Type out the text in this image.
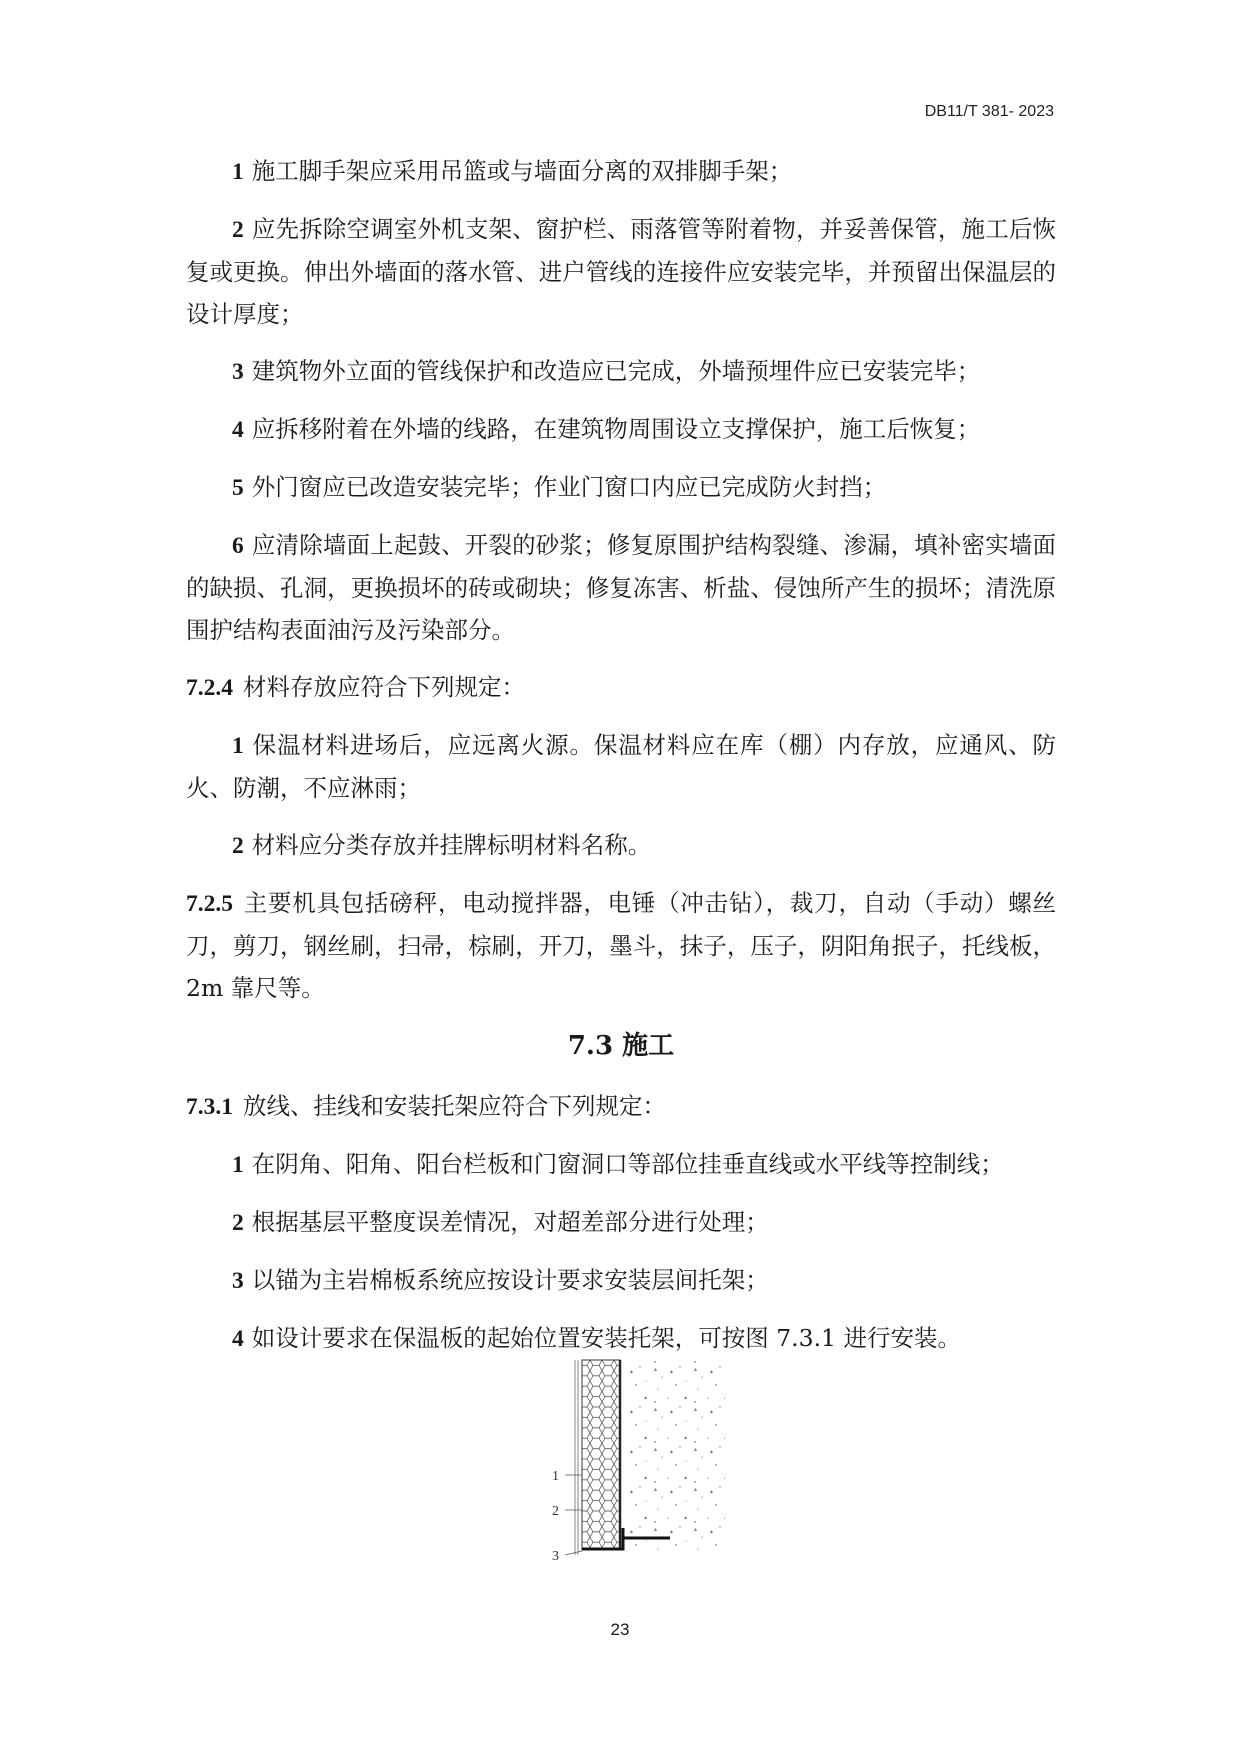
DB11/T 381- 2023
1 施工脚手架应采用吊篮或与墙面分离的双排脚手架；
2 应先拆除空调室外机支架、窗护栏、雨落管等附着物，并妥善保管，施工后恢复或更换。伸出外墙面的落水管、进户管线的连接件应安装完毕，并预留出保温层的设计厚度；
3 建筑物外立面的管线保护和改造应已完成，外墙预埋件应已安装完毕；
4 应拆移附着在外墙的线路，在建筑物周围设立支撑保护，施工后恢复；
5 外门窗应已改造安装完毕；作业门窗口内应已完成防火封挡；
6 应清除墙面上起鼓、开裂的砂浆；修复原围护结构裂缝、渗漏，填补密实墙面的缺损、孔洞，更换损坏的砖或砌块；修复冻害、析盐、侵蚀所产生的损坏；清洗原围护结构表面油污及污染部分。
7.2.4 材料存放应符合下列规定：
1 保温材料进场后，应远离火源。保温材料应在库（棚）内存放，应通风、防火、防潮，不应淋雨；
2 材料应分类存放并挂牌标明材料名称。
7.2.5 主要机具包括磅秤，电动搅拌器，电锤（冲击钻），裁刀，自动（手动）螺丝刀，剪刀，钢丝刷，扫帚，棕刷，开刀，墨斗，抹子，压子，阴阳角抿子，托线板，2m 靠尺等。
7.3 施工
7.3.1 放线、挂线和安装托架应符合下列规定：
1 在阴角、阳角、阳台栏板和门窗洞口等部位挂垂直线或水平线等控制线；
2 根据基层平整度误差情况，对超差部分进行处理；
3 以锚为主岩棉板系统应按设计要求安装层间托架；
4 如设计要求在保温板的起始位置安装托架，可按图 7.3.1 进行安装。
1
2
3
23
